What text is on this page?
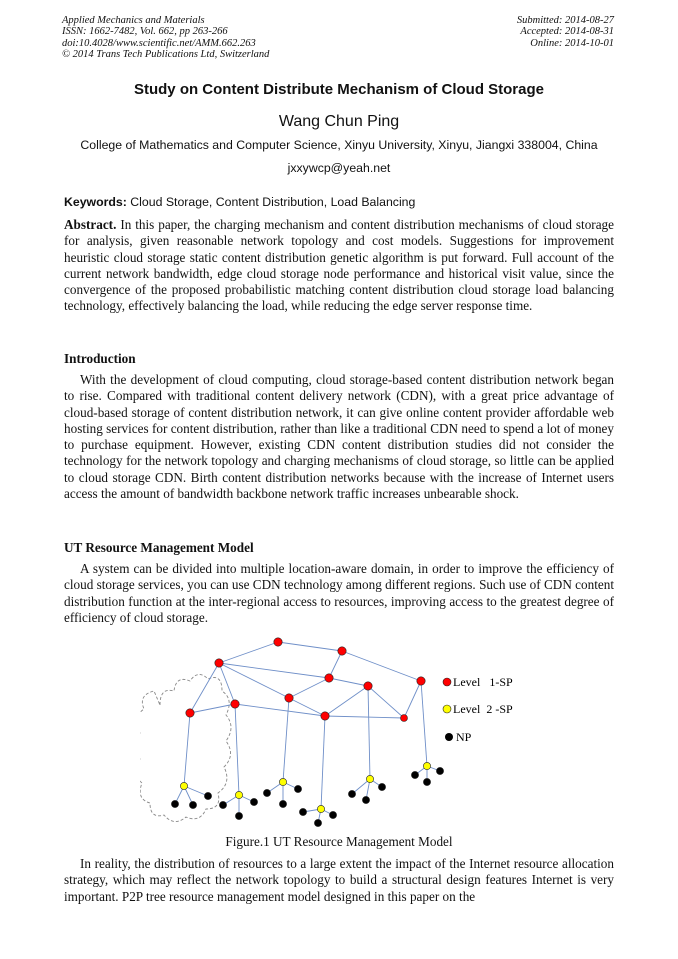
Applied Mechanics and Materials
ISSN: 1662-7482, Vol. 662, pp 263-266
doi:10.4028/www.scientific.net/AMM.662.263
© 2014 Trans Tech Publications Ltd, Switzerland
Submitted: 2014-08-27
Accepted: 2014-08-31
Online: 2014-10-01
Study on Content Distribute Mechanism of Cloud Storage
Wang Chun Ping
College of Mathematics and Computer Science, Xinyu University, Xinyu, Jiangxi 338004, China
jxxywcp@yeah.net
Keywords: Cloud Storage, Content Distribution, Load Balancing
Abstract. In this paper, the charging mechanism and content distribution mechanisms of cloud storage for analysis, given reasonable network topology and cost models. Suggestions for improvement heuristic cloud storage static content distribution genetic algorithm is put forward. Full account of the current network bandwidth, edge cloud storage node performance and historical visit value, since the convergence of the proposed probabilistic matching content distribution cloud storage load balancing technology, effectively balancing the load, while reducing the edge server response time.
Introduction
With the development of cloud computing, cloud storage-based content distribution network began to rise. Compared with traditional content delivery network (CDN), with a great price advantage of cloud-based storage of content distribution network, it can give online content provider affordable web hosting services for content distribution, rather than like a traditional CDN need to spend a lot of money to purchase equipment. However, existing CDN content distribution studies did not consider the technology for the network topology and charging mechanisms of cloud storage, so little can be applied to cloud storage CDN. Birth content distribution networks because with the increase of Internet users access the amount of bandwidth backbone network traffic increases unbearable shock.
UT Resource Management Model
A system can be divided into multiple location-aware domain, in order to improve the efficiency of cloud storage services, you can use CDN technology among different regions. Such use of CDN content distribution function at the inter-regional access to resources, improving access to the greatest degree of efficiency of cloud storage.
Level   1-SP
Level  2 -SP
NP
Figure.1 UT Resource Management Model
In reality, the distribution of resources to a large extent the impact of the Internet resource allocation strategy, which may reflect the network topology to build a structural design features Internet is very important. P2P tree resource management model designed in this paper on the
